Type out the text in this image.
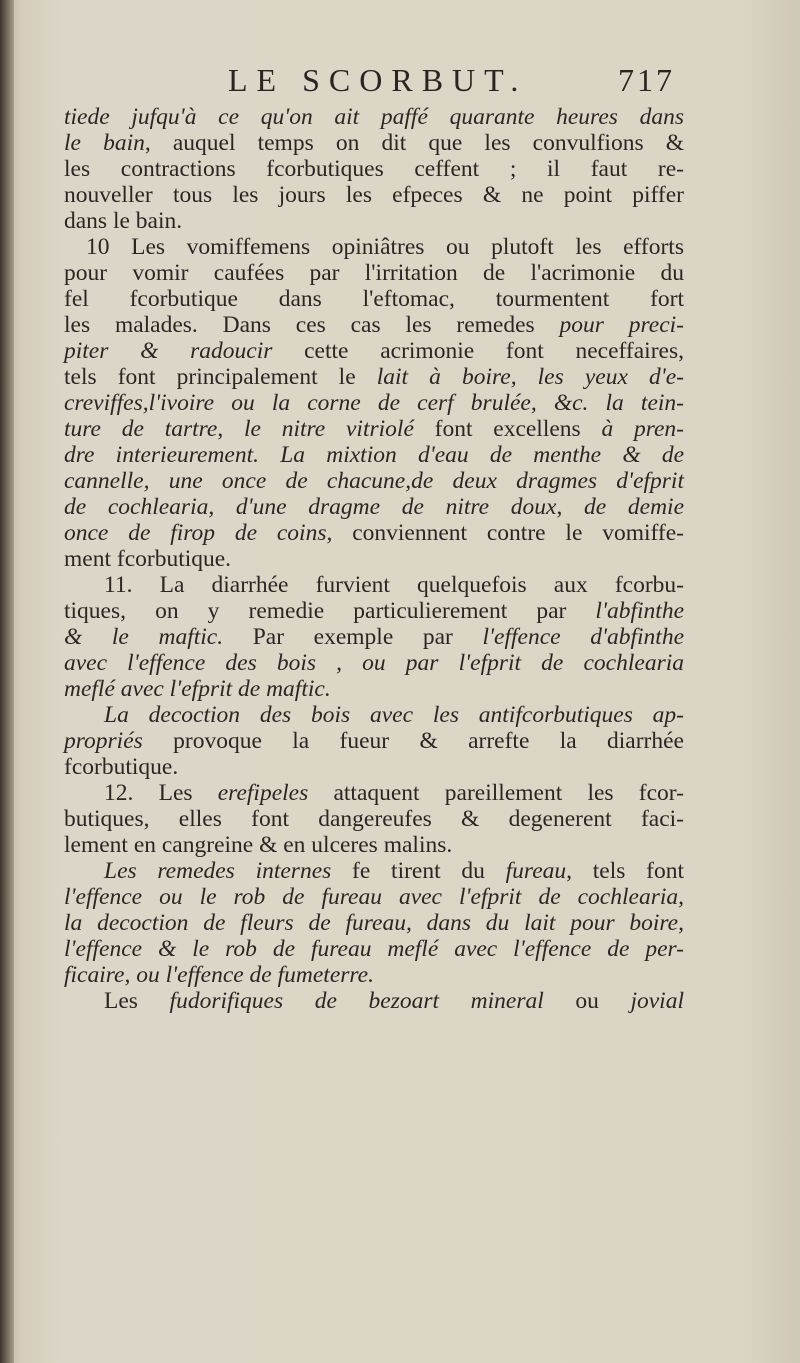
LE SCORBUT.	717
tiede jufqu'à ce qu'on ait paffé quarante heures dans
le bain, auquel temps on dit que les convulfions &
les contractions fcorbutiques ceffent ; il faut re-
nouveller tous les jours les efpeces & ne point piffer
dans le bain.
10 Les vomiffemens opiniâtres ou plutoft les efforts
pour vomir caufées par l'irritation de l'acrimonie du
fel fcorbutique dans l'eftomac, tourmentent fort
les malades. Dans ces cas les remedes pour preci-
piter & radoucir cette acrimonie font neceffaires,
tels font principalement le lait à boire, les yeux d'e-
creviffes,l'ivoire ou la corne de cerf brulée, &c. la tein-
ture de tartre, le nitre vitriolé font excellens à pren-
dre interieurement. La mixtion d'eau de menthe & de
cannelle, une once de chacune,de deux dragmes d'efprit
de cochlearia, d'une dragme de nitre doux, de demie
once de firop de coins, conviennent contre le vomiffe-
ment fcorbutique.
11. La diarrhée furvient quelquefois aux fcorbu-
tiques, on y remedie particulierement par l'abfinthe
& le maftic. Par exemple par l'effence d'abfinthe
avec l'effence des bois , ou par l'efprit de cochlearia
meflé avec l'efprit de maftic.
La decoction des bois avec les antifcorbutiques ap-
propriés provoque la fueur & arrefte la diarrhée
fcorbutique.
12. Les erefipeles attaquent pareillement les fcor-
butiques, elles font dangereufes & degenerent faci-
lement en cangreine & en ulceres malins.
Les remedes internes fe tirent du fureau, tels font
l'effence ou le rob de fureau avec l'efprit de cochlearia,
la decoction de fleurs de fureau, dans du lait pour boire,
l'effence & le rob de fureau meflé avec l'effence de per-
ficaire, ou l'effence de fumeterre.
Les fudorifiques de bezoart mineral ou jovial
